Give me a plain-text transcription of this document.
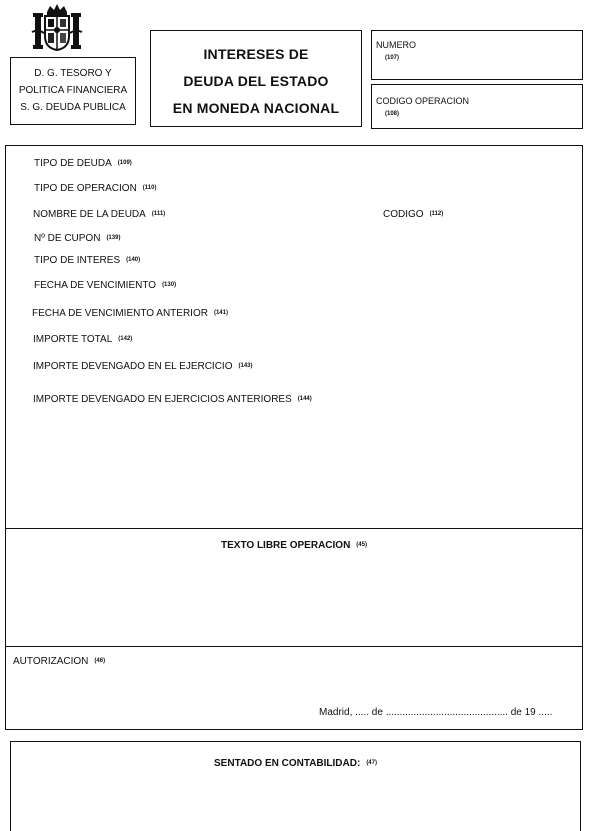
D. G. TESORO Y
POLITICA FINANCIERA
S. G. DEUDA PUBLICA
INTERESES DE
DEUDA DEL ESTADO
EN MONEDA NACIONAL
NUMERO
(107)
CODIGO OPERACION
(108)
TIPO DE DEUDA (109)
TIPO DE OPERACION (110)
NOMBRE DE LA DEUDA (111)	CODIGO (112)
Nº DE CUPON (139)
TIPO DE INTERES (140)
FECHA DE VENCIMIENTO (130)
FECHA DE VENCIMIENTO ANTERIOR (141)
IMPORTE TOTAL (142)
IMPORTE DEVENGADO EN EL EJERCICIO (143)
IMPORTE DEVENGADO EN EJERCICIOS ANTERIORES (144)
TEXTO LIBRE OPERACION (45)
AUTORIZACION (46)
Madrid, ..... de ............................................ de 19 .....
SENTADO EN CONTABILIDAD: (47)
